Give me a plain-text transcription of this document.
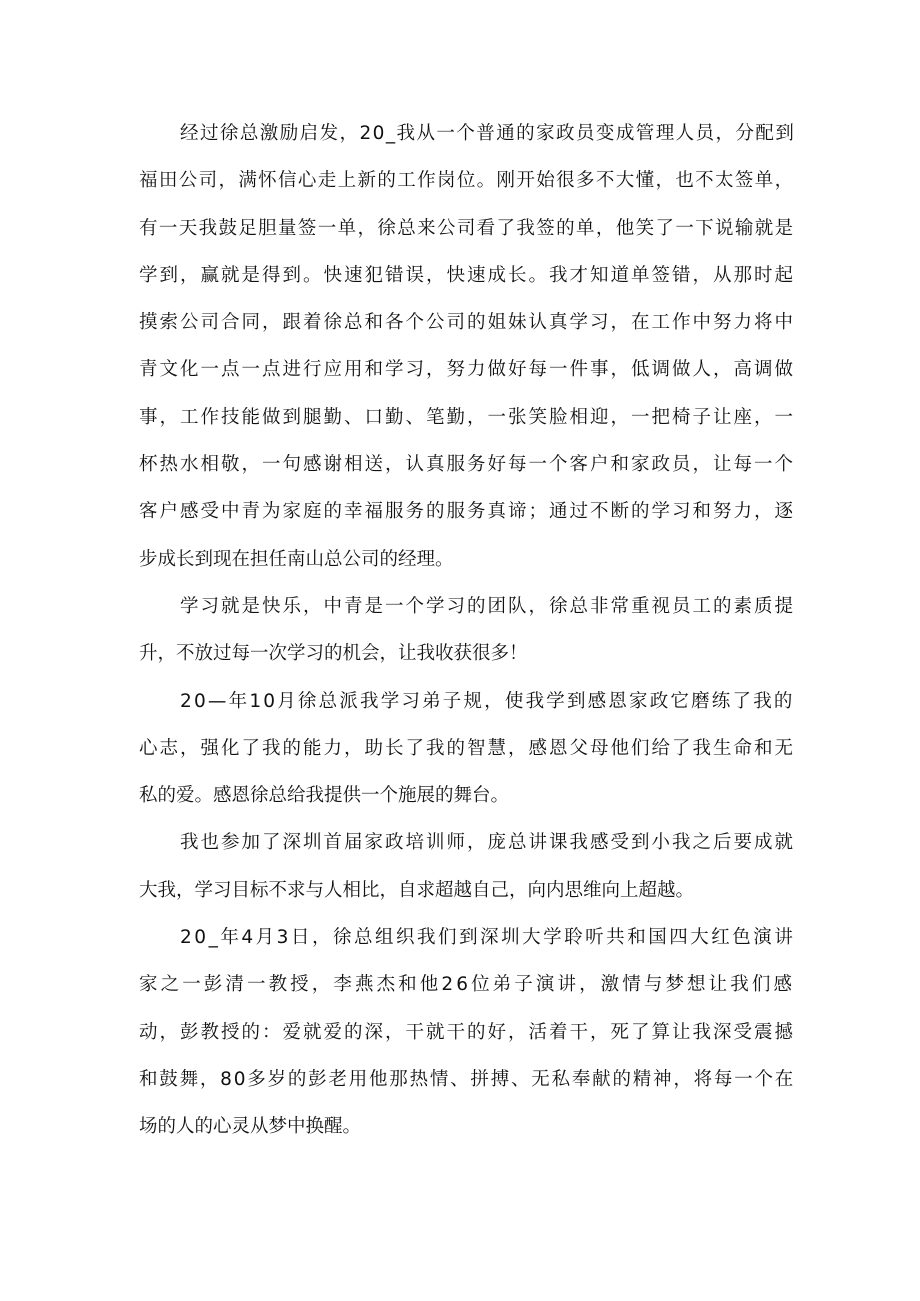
经过徐总激励启发，20_我从一个普通的家政员变成管理人员，分配到
福田公司，满怀信心走上新的工作岗位。刚开始很多不大懂，也不太签单，
有一天我鼓足胆量签一单，徐总来公司看了我签的单，他笑了一下说输就是
学到，赢就是得到。快速犯错误，快速成长。我才知道单签错，从那时起
摸索公司合同，跟着徐总和各个公司的姐妹认真学习，在工作中努力将中
青文化一点一点进行应用和学习，努力做好每一件事，低调做人，高调做
事，工作技能做到腿勤、口勤、笔勤，一张笑脸相迎，一把椅子让座，一
杯热水相敬，一句感谢相送，认真服务好每一个客户和家政员，让每一个
客户感受中青为家庭的幸福服务的服务真谛；通过不断的学习和努力，逐
步成长到现在担任南山总公司的经理。
学习就是快乐，中青是一个学习的团队，徐总非常重视员工的素质提
升，不放过每一次学习的机会，让我收获很多！
20—年10月徐总派我学习弟子规，使我学到感恩家政它磨练了我的
心志，强化了我的能力，助长了我的智慧，感恩父母他们给了我生命和无
私的爱。感恩徐总给我提供一个施展的舞台。
我也参加了深圳首届家政培训师，庞总讲课我感受到小我之后要成就
大我，学习目标不求与人相比，自求超越自己，向内思维向上超越。
20_年4月3日，徐总组织我们到深圳大学聆听共和国四大红色演讲
家之一彭清一教授，李燕杰和他26位弟子演讲，激情与梦想让我们感
动，彭教授的：爱就爱的深，干就干的好，活着干，死了算让我深受震撼
和鼓舞，80多岁的彭老用他那热情、拼搏、无私奉献的精神，将每一个在
场的人的心灵从梦中换醒。
